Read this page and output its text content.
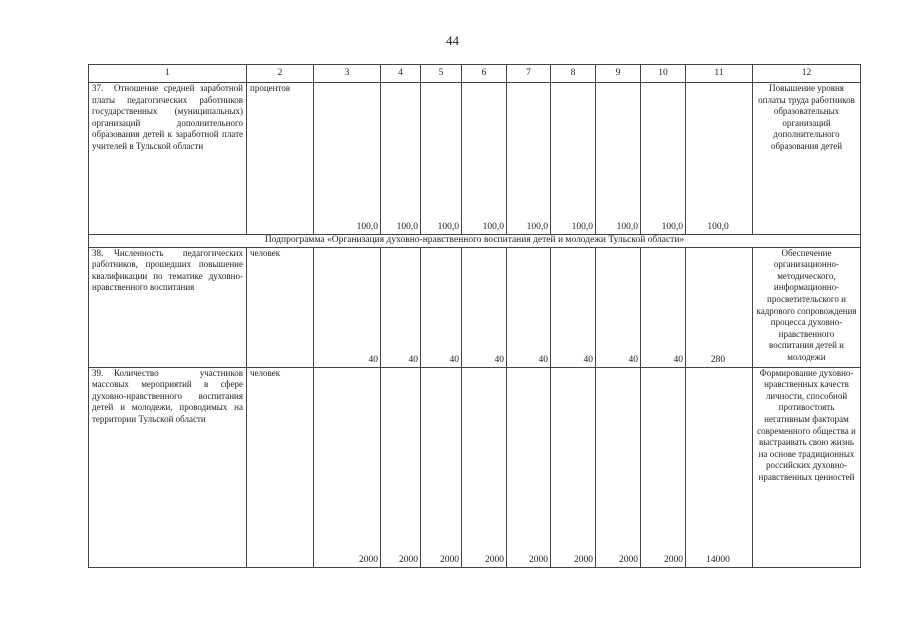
44
1	2	3	4	5	6	7	8	9	10	11	12
37. Отношение средней заработной платы педагогических работников государственных (муниципальных) организаций дополнительного образования детей к заработной плате учителей в Тульской области	процентов	100,0	100,0	100,0	100,0	100,0	100,0	100,0	100,0	100,0	Повышение уровня оплаты труда работников образовательных организаций дополнительного образования детей
Подпрограмма «Организация духовно-нравственного воспитания детей и молодежи Тульской области»											
38. Численность педагогических работников, прошедших повышение квалификации по тематике духовно-нравственного воспитания	человек	40	40	40	40	40	40	40	40	280	Обеспечение организационно-методического, информационно-просветительского и кадрового сопровождения процесса духовно-нравственного воспитания детей и молодежи
39. Количество участников массовых мероприятий в сфере духовно-нравственного воспитания детей и молодежи, проводимых на территории Тульской области	человек	2000	2000	2000	2000	2000	2000	2000	2000	14000	Формирование духовно-нравственных качеств личности, способной противостоять негативным факторам современного общества и выстраивать свою жизнь на основе традиционных российских духовно-нравственных ценностей
